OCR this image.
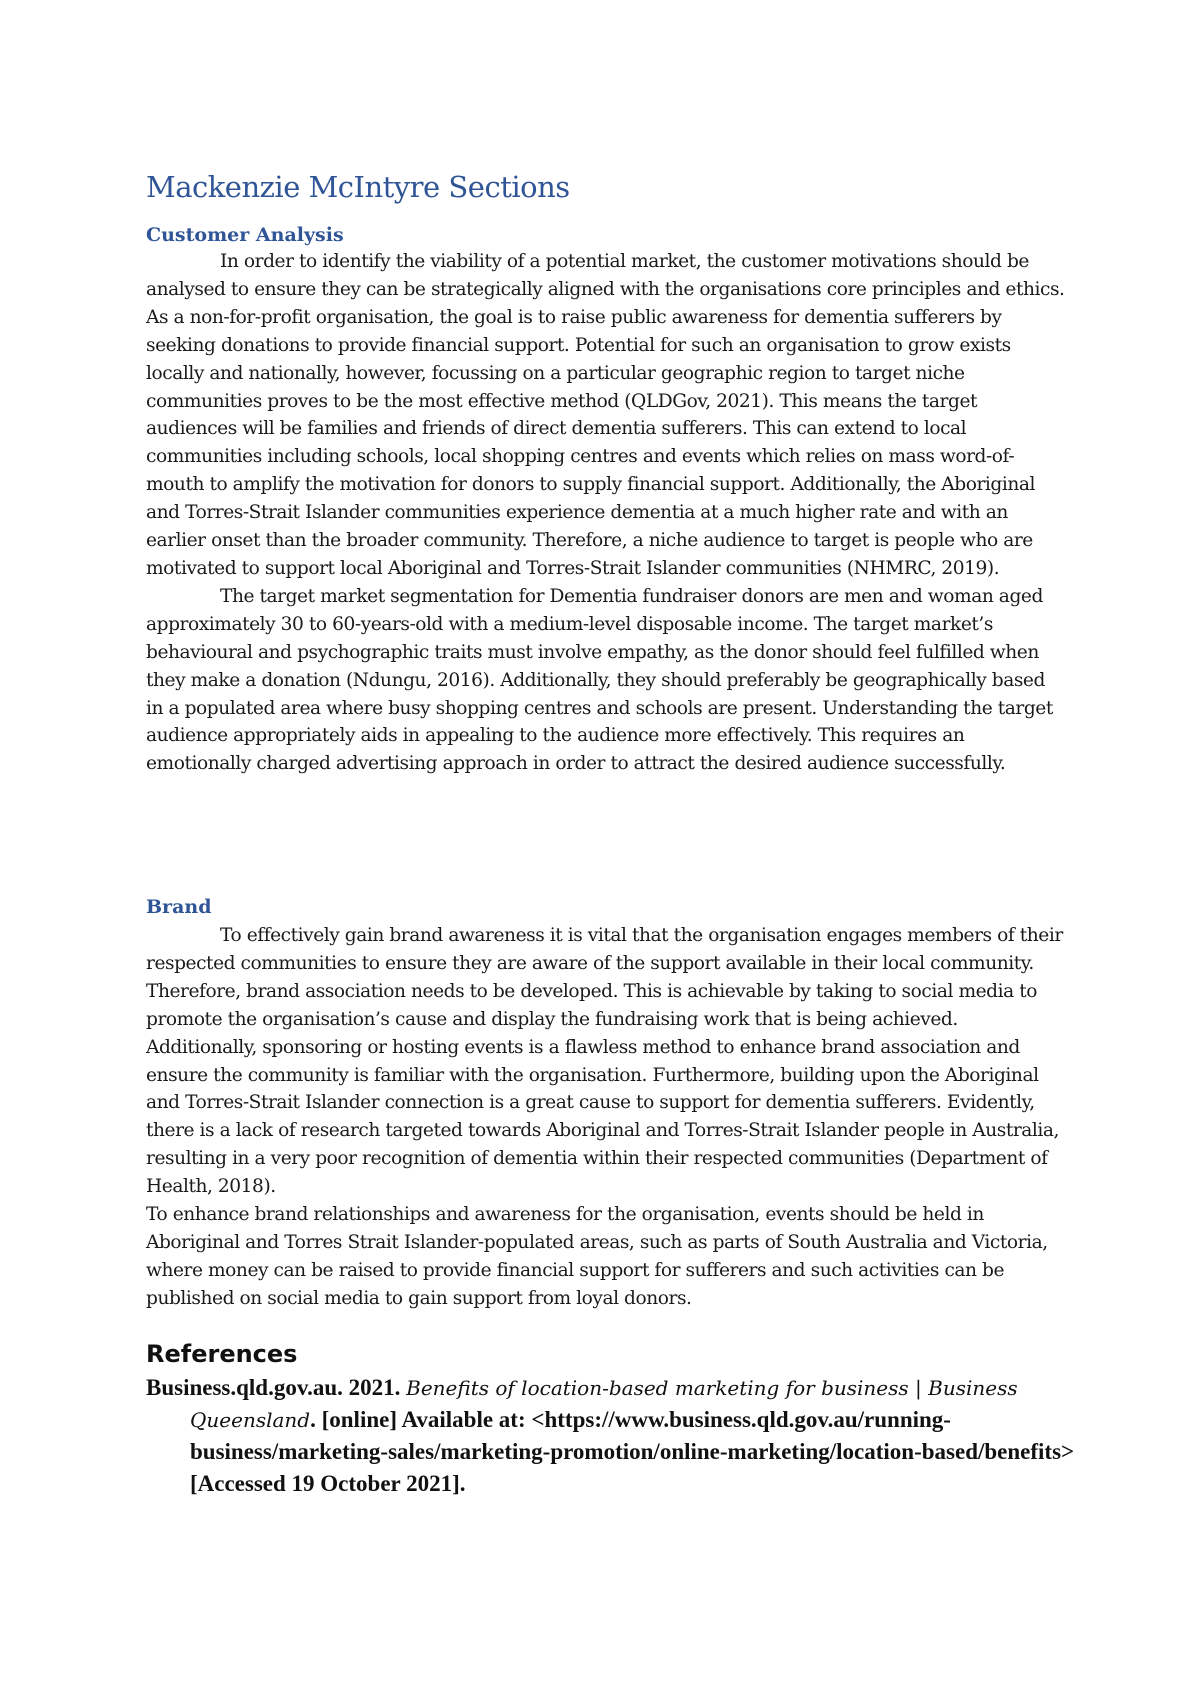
Mackenzie McIntyre Sections
Customer Analysis

In order to identify the viability of a potential market, the customer motivations should be analysed to ensure they can be strategically aligned with the organisations core principles and ethics. As a non-for-profit organisation, the goal is to raise public awareness for dementia sufferers by seeking donations to provide financial support. Potential for such an organisation to grow exists locally and nationally, however, focussing on a particular geographic region to target niche communities proves to be the most effective method (QLDGov, 2021). This means the target audiences will be families and friends of direct dementia sufferers. This can extend to local communities including schools, local shopping centres and events which relies on mass word-of-mouth to amplify the motivation for donors to supply financial support. Additionally, the Aboriginal and Torres-Strait Islander communities experience dementia at a much higher rate and with an earlier onset than the broader community. Therefore, a niche audience to target is people who are motivated to support local Aboriginal and Torres-Strait Islander communities (NHMRC, 2019).

The target market segmentation for Dementia fundraiser donors are men and woman aged approximately 30 to 60-years-old with a medium-level disposable income. The target market’s behavioural and psychographic traits must involve empathy, as the donor should feel fulfilled when they make a donation (Ndungu, 2016). Additionally, they should preferably be geographically based in a populated area where busy shopping centres and schools are present. Understanding the target audience appropriately aids in appealing to the audience more effectively. This requires an emotionally charged advertising approach in order to attract the desired audience successfully.

Brand

To effectively gain brand awareness it is vital that the organisation engages members of their respected communities to ensure they are aware of the support available in their local community. Therefore, brand association needs to be developed. This is achievable by taking to social media to promote the organisation’s cause and display the fundraising work that is being achieved. Additionally, sponsoring or hosting events is a flawless method to enhance brand association and ensure the community is familiar with the organisation. Furthermore, building upon the Aboriginal and Torres-Strait Islander connection is a great cause to support for dementia sufferers. Evidently, there is a lack of research targeted towards Aboriginal and Torres-Strait Islander people in Australia, resulting in a very poor recognition of dementia within their respected communities (Department of Health, 2018).

To enhance brand relationships and awareness for the organisation, events should be held in Aboriginal and Torres Strait Islander-populated areas, such as parts of South Australia and Victoria, where money can be raised to provide financial support for sufferers and such activities can be published on social media to gain support from loyal donors.

References

Business.qld.gov.au. 2021. Benefits of location-based marketing for business | Business Queensland. [online] Available at: <https://www.business.qld.gov.au/running-business/marketing-sales/marketing-promotion/online-marketing/location-based/benefits> [Accessed 19 October 2021].
